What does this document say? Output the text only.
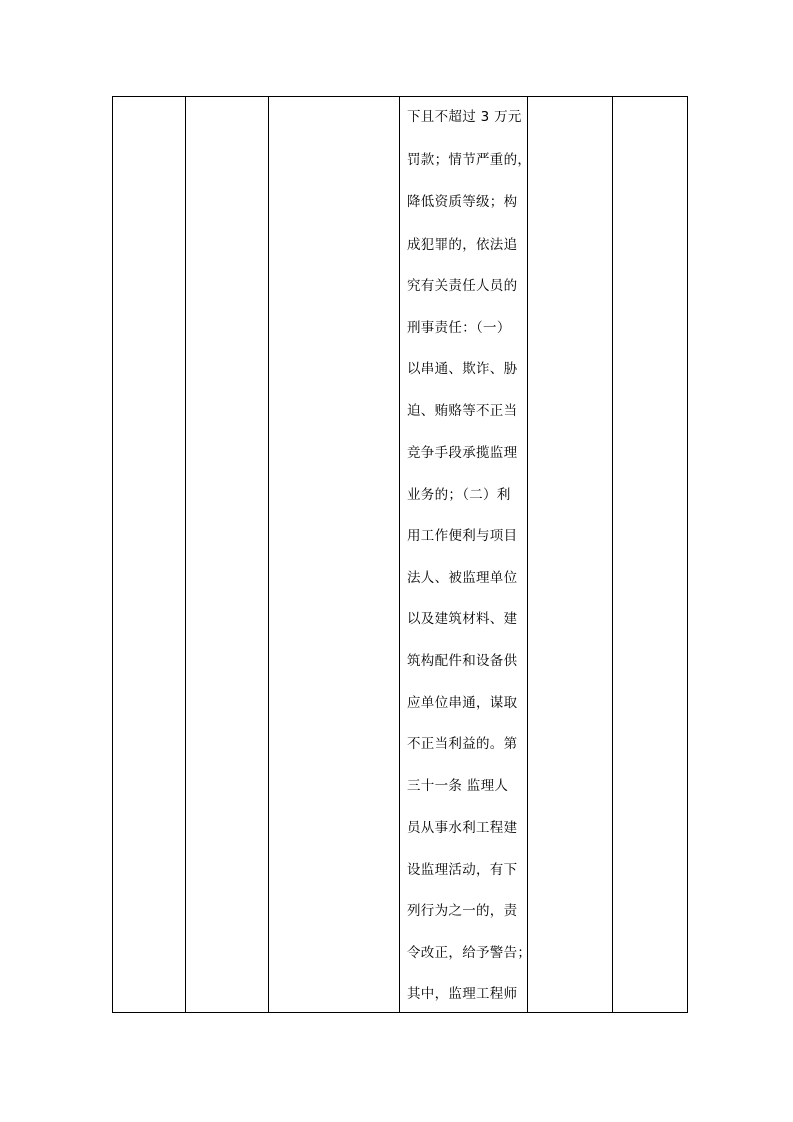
下且不超过 3 万元
罚款；情节严重的，
降低资质等级；构
成犯罪的，依法追
究有关责任人员的
刑事责任：（一）
以串通、欺诈、胁
迫、贿赂等不正当
竞争手段承揽监理
业务的；（二）利
用工作便利与项目
法人、被监理单位
以及建筑材料、建
筑构配件和设备供
应单位串通，谋取
不正当利益的。第
三十一条 监理人
员从事水利工程建
设监理活动，有下
列行为之一的，责
令改正，给予警告；
其中，监理工程师
